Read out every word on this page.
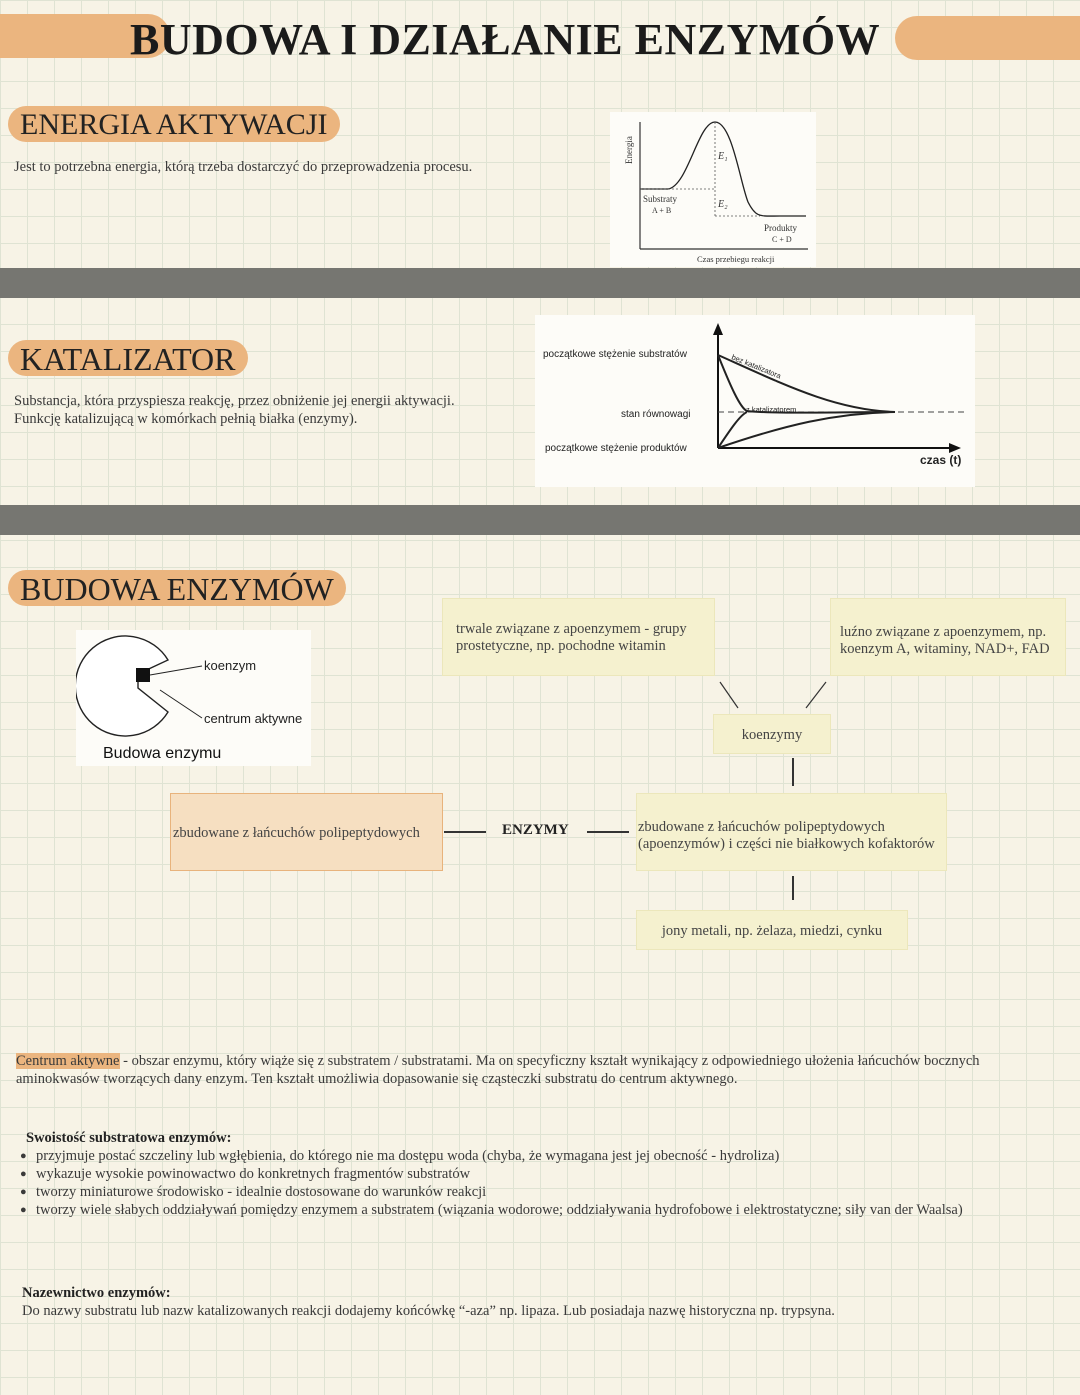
BUDOWA I DZIAŁANIE ENZYMÓW
ENERGIA AKTYWACJI
Jest to potrzebna energia, którą trzeba dostarczyć do przeprowadzenia procesu.
Energia	E₁
E₂
Substraty
A + B
Produkty
C + D
Czas przebiegu reakcji
KATALIZATOR
Substancja, która przyspiesza reakcję, przez obniżenie jej energii aktywacji.
Funkcję katalizującą w komórkach pełnią białka (enzymy).
początkowe stężenie substratów
stan równowagi
początkowe stężenie produktów
bez katalizatora
z katalizatorem
czas (t)
BUDOWA ENZYMÓW
koenzym
centrum aktywne
Budowa enzymu
trwale związane z apoenzymem - grupy
prostetyczne, np. pochodne witamin
luźno związane z apoenzymem, np.
koenzym A, witaminy, NAD+, FAD
koenzymy
zbudowane z łańcuchów polipeptydowych	ENZYMY	zbudowane z łańcuchów polipeptydowych
(apoenzymów) i części nie białkowych kofaktorów
jony metali, np. żelaza, miedzi, cynku
Centrum aktywne - obszar enzymu, który wiąże się z substratem / substratami. Ma on specyficzny kształt wynikający z odpowiedniego ułożenia łańcuchów bocznych
aminokwasów tworzących dany enzym. Ten kształt umożliwia dopasowanie się cząsteczki substratu do centrum aktywnego.
Swoistość substratowa enzymów:
● przyjmuje postać szczeliny lub wgłębienia, do którego nie ma dostępu woda (chyba, że wymagana jest jej obecność - hydroliza)
● wykazuje wysokie powinowactwo do konkretnych fragmentów substratów
● tworzy miniaturowe środowisko - idealnie dostosowane do warunków reakcji
● tworzy wiele słabych oddziaływań pomiędzy enzymem a substratem (wiązania wodorowe; oddziaływania hydrofobowe i elektrostatyczne; siły van der Waalsa)
Nazewnictwo enzymów:
Do nazwy substratu lub nazw katalizowanych reakcji dodajemy końcówkę “-aza” np. lipaza. Lub posiadaja nazwę historyczna np. trypsyna.
